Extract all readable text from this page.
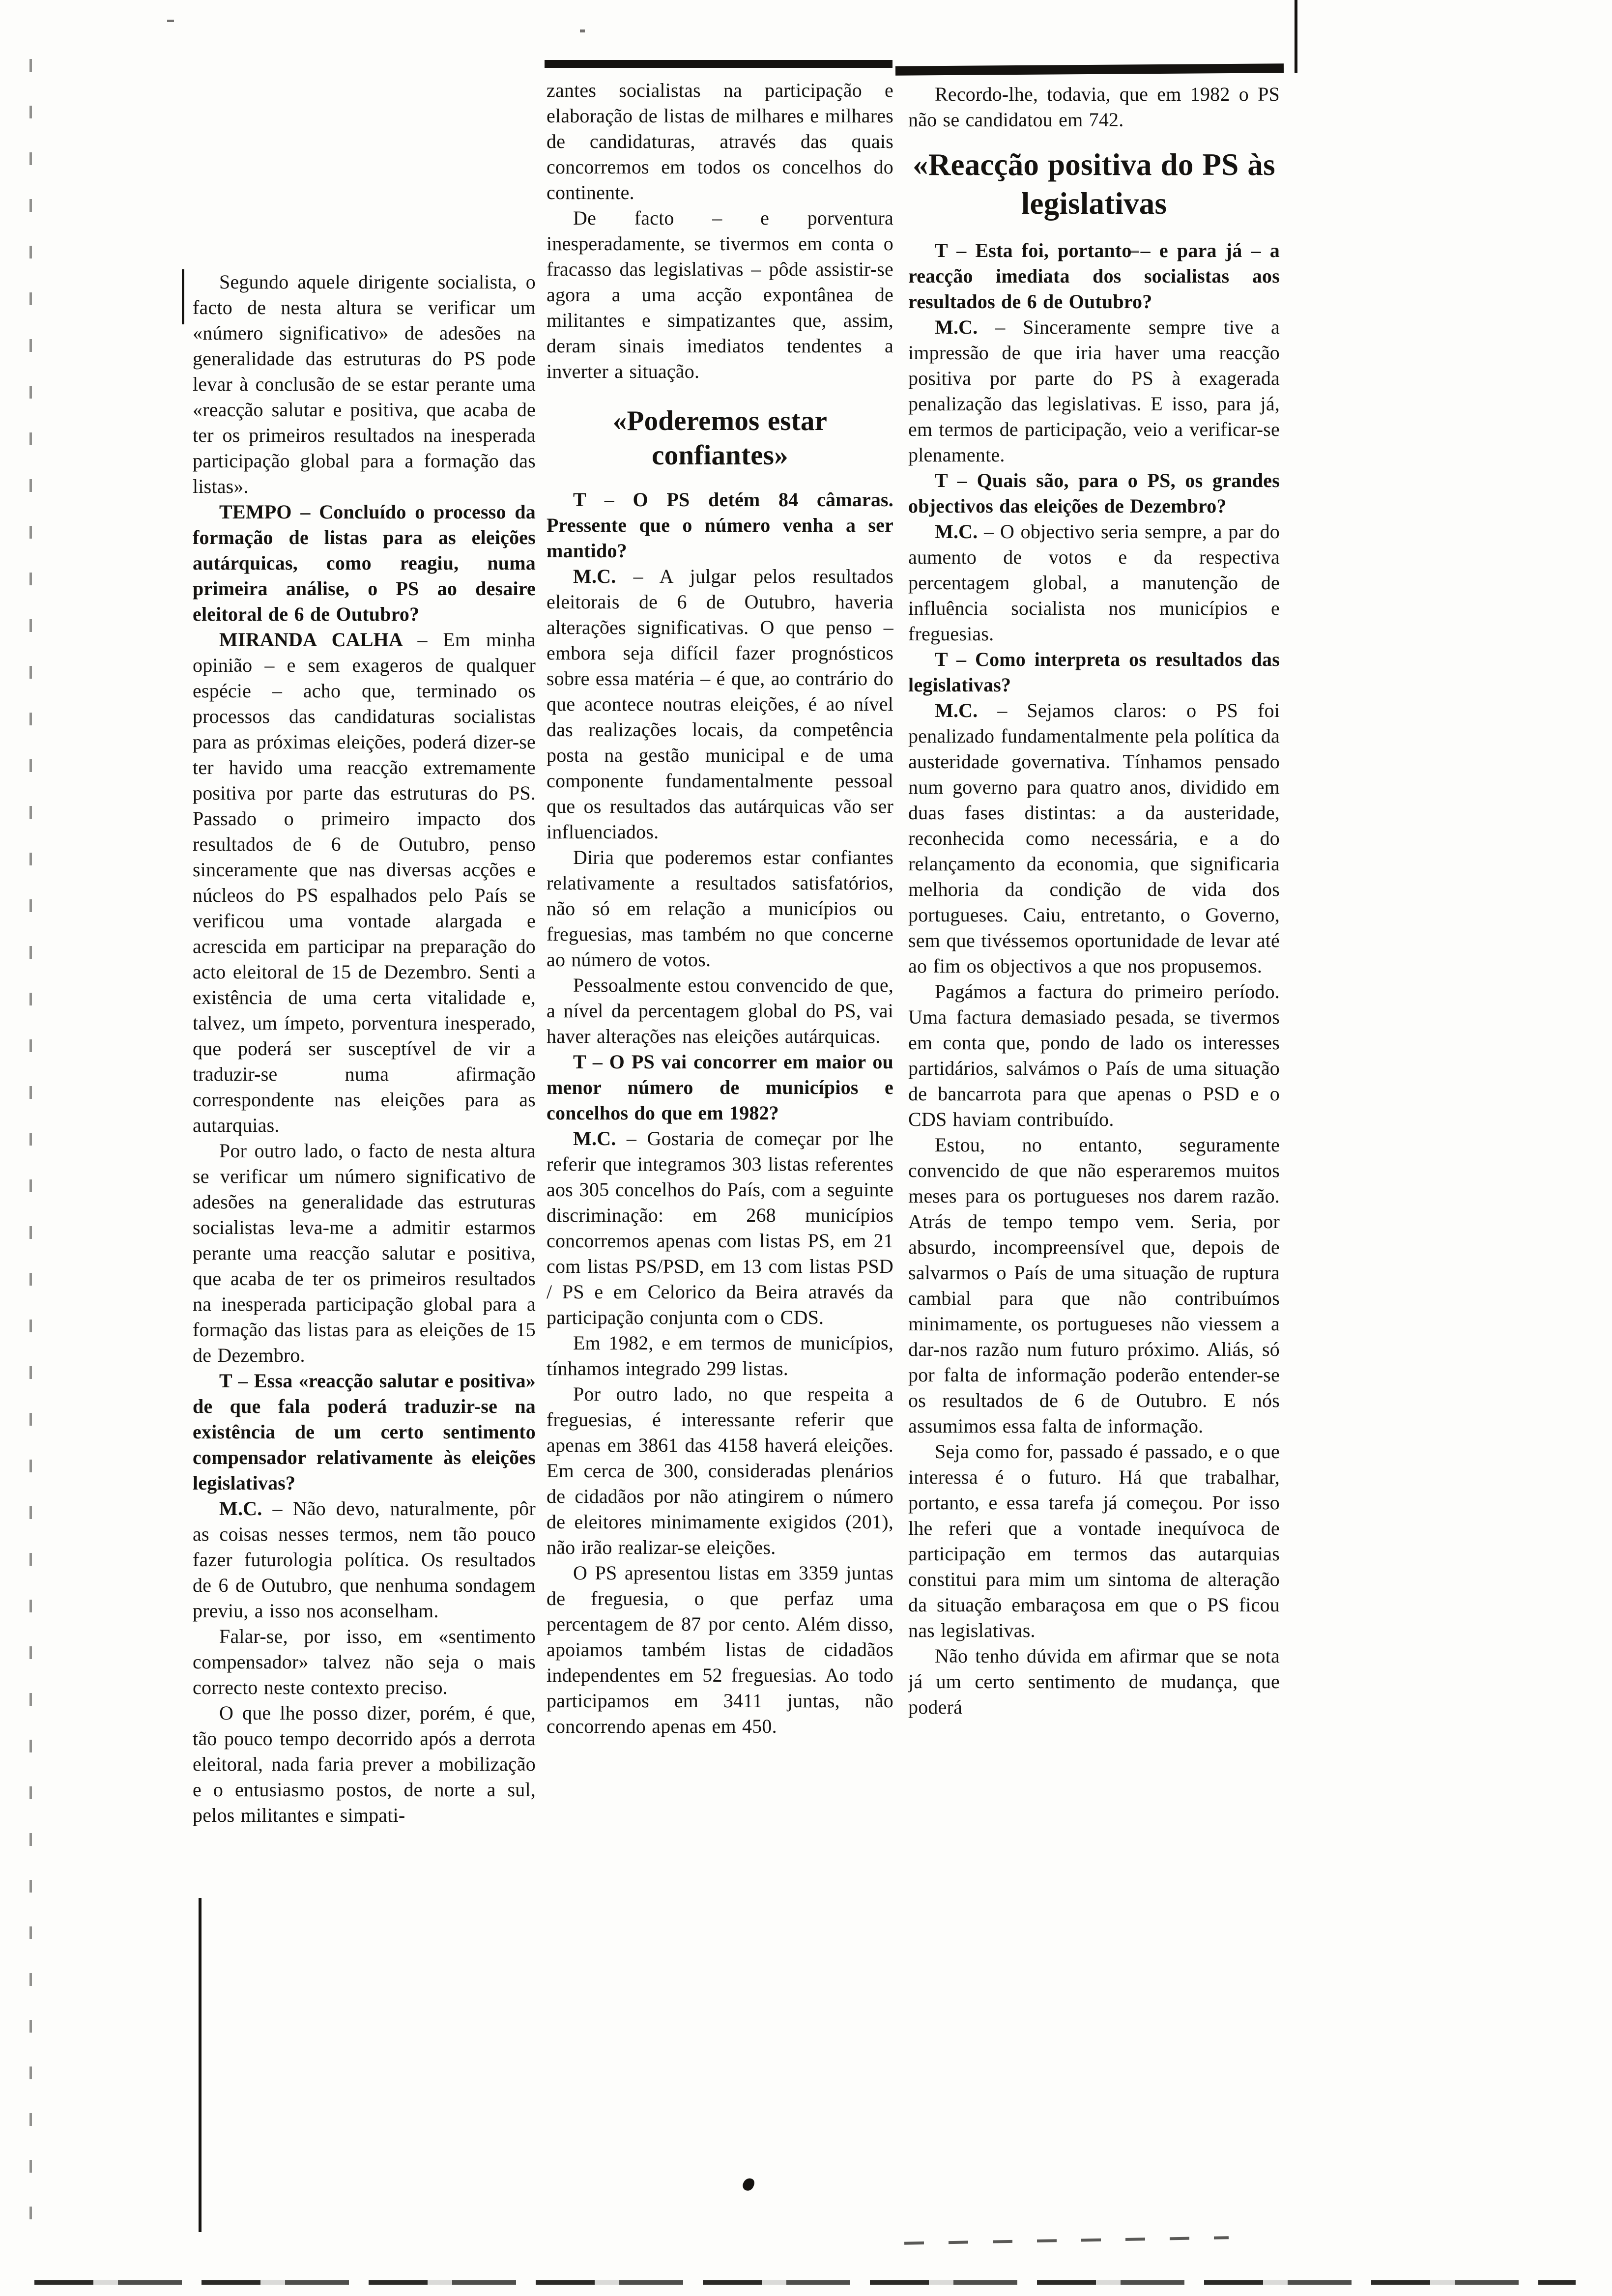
Segundo aquele dirigente socialista, o facto de nesta altura se verificar um «número significativo» de adesões na generalidade das estruturas do PS pode levar à conclusão de se estar perante uma «reacção salutar e positiva, que acaba de ter os primeiros resultados na inesperada participação global para a formação das listas».

TEMPO – Concluído o processo da formação de listas para as eleições autárquicas, como reagiu, numa primeira análise, o PS ao desaire eleitoral de 6 de Outubro?

MIRANDA CALHA – Em minha opinião – e sem exageros de qualquer espécie – acho que, terminado os processos das candidaturas socialistas para as próximas eleições, poderá dizer-se ter havido uma reacção extremamente positiva por parte das estruturas do PS. Passado o primeiro impacto dos resultados de 6 de Outubro, penso sinceramente que nas diversas acções e núcleos do PS espalhados pelo País se verificou uma vontade alargada e acrescida em participar na preparação do acto eleitoral de 15 de Dezembro. Senti a existência de uma certa vitalidade e, talvez, um ímpeto, porventura inesperado, que poderá ser susceptível de vir a traduzir-se numa afirmação correspondente nas eleições para as autarquias.

Por outro lado, o facto de nesta altura se verificar um número significativo de adesões na generalidade das estruturas socialistas leva-me a admitir estarmos perante uma reacção salutar e positiva, que acaba de ter os primeiros resultados na inesperada participação global para a formação das listas para as eleições de 15 de Dezembro.

T – Essa «reacção salutar e positiva» de que fala poderá traduzir-se na existência de um certo sentimento compensador relativamente às eleições legislativas?

M.C. – Não devo, naturalmente, pôr as coisas nesses termos, nem tão pouco fazer futurologia política. Os resultados de 6 de Outubro, que nenhuma sondagem previu, a isso nos aconselham.

Falar-se, por isso, em «sentimento compensador» talvez não seja o mais correcto neste contexto preciso.

O que lhe posso dizer, porém, é que, tão pouco tempo decorrido após a derrota eleitoral, nada faria prever a mobilização e o entusiasmo postos, de norte a sul, pelos militantes e simpati-

zantes socialistas na participação e elaboração de listas de milhares e milhares de candidaturas, através das quais concorremos em todos os concelhos do continente.

De facto – e porventura inesperadamente, se tivermos em conta o fracasso das legislativas – pôde assistir-se agora a uma acção expontânea de militantes e simpatizantes que, assim, deram sinais imediatos tendentes a inverter a situação.

«Poderemos estar confiantes»

T – O PS detém 84 câmaras. Pressente que o número venha a ser mantido?

M.C. – A julgar pelos resultados eleitorais de 6 de Outubro, haveria alterações significativas. O que penso – embora seja difícil fazer prognósticos sobre essa matéria – é que, ao contrário do que acontece noutras eleições, é ao nível das realizações locais, da competência posta na gestão municipal e de uma componente fundamentalmente pessoal que os resultados das autárquicas vão ser influenciados.

Diria que poderemos estar confiantes relativamente a resultados satisfatórios, não só em relação a municípios ou freguesias, mas também no que concerne ao número de votos.

Pessoalmente estou convencido de que, a nível da percentagem global do PS, vai haver alterações nas eleições autárquicas.

T – O PS vai concorrer em maior ou menor número de municípios e concelhos do que em 1982?

M.C. – Gostaria de começar por lhe referir que integramos 303 listas referentes aos 305 concelhos do País, com a seguinte discriminação: em 268 municípios concorremos apenas com listas PS, em 21 com listas PS/PSD, em 13 com listas PSD / PS e em Celorico da Beira através da participação conjunta com o CDS.

Em 1982, e em termos de municípios, tínhamos integrado 299 listas.

Por outro lado, no que respeita a freguesias, é interessante referir que apenas em 3861 das 4158 haverá eleições. Em cerca de 300, consideradas plenários de cidadãos por não atingirem o número de eleitores minimamente exigidos (201), não irão realizar-se eleições.

O PS apresentou listas em 3359 juntas de freguesia, o que perfaz uma percentagem de 87 por cento. Além disso, apoiamos também listas de cidadãos independentes em 52 freguesias. Ao todo participamos em 3411 juntas, não concorrendo apenas em 450.

Recordo-lhe, todavia, que em 1982 o PS não se candidatou em 742.

«Reacção positiva do PS às legislativas

T – Esta foi, portanto – e para já – a reacção imediata dos socialistas aos resultados de 6 de Outubro?

M.C. – Sinceramente sempre tive a impressão de que iria haver uma reacção positiva por parte do PS à exagerada penalização das legislativas. E isso, para já, em termos de participação, veio a verificar-se plenamente.

T – Quais são, para o PS, os grandes objectivos das eleições de Dezembro?

M.C. – O objectivo seria sempre, a par do aumento de votos e da respectiva percentagem global, a manutenção de influência socialista nos municípios e freguesias.

T – Como interpreta os resultados das legislativas?

M.C. – Sejamos claros: o PS foi penalizado fundamentalmente pela política da austeridade governativa. Tínhamos pensado num governo para quatro anos, dividido em duas fases distintas: a da austeridade, reconhecida como necessária, e a do relançamento da economia, que significaria melhoria da condição de vida dos portugueses. Caiu, entretanto, o Governo, sem que tivéssemos oportunidade de levar até ao fim os objectivos a que nos propusemos.

Pagámos a factura do primeiro período. Uma factura demasiado pesada, se tivermos em conta que, pondo de lado os interesses partidários, salvámos o País de uma situação de bancarrota para que apenas o PSD e o CDS haviam contribuído.

Estou, no entanto, seguramente convencido de que não esperaremos muitos meses para os portugueses nos darem razão. Atrás de tempo tempo vem. Seria, por absurdo, incompreensível que, depois de salvarmos o País de uma situação de ruptura cambial para que não contribuímos minimamente, os portugueses não viessem a dar-nos razão num futuro próximo. Aliás, só por falta de informação poderão entender-se os resultados de 6 de Outubro. E nós assumimos essa falta de informação.

Seja como for, passado é passado, e o que interessa é o futuro. Há que trabalhar, portanto, e essa tarefa já começou. Por isso lhe referi que a vontade inequívoca de participação em termos das autarquias constitui para mim um sintoma de alteração da situação embaraçosa em que o PS ficou nas legislativas.

Não tenho dúvida em afirmar que se nota já um certo sentimento de mudança, que poderá
